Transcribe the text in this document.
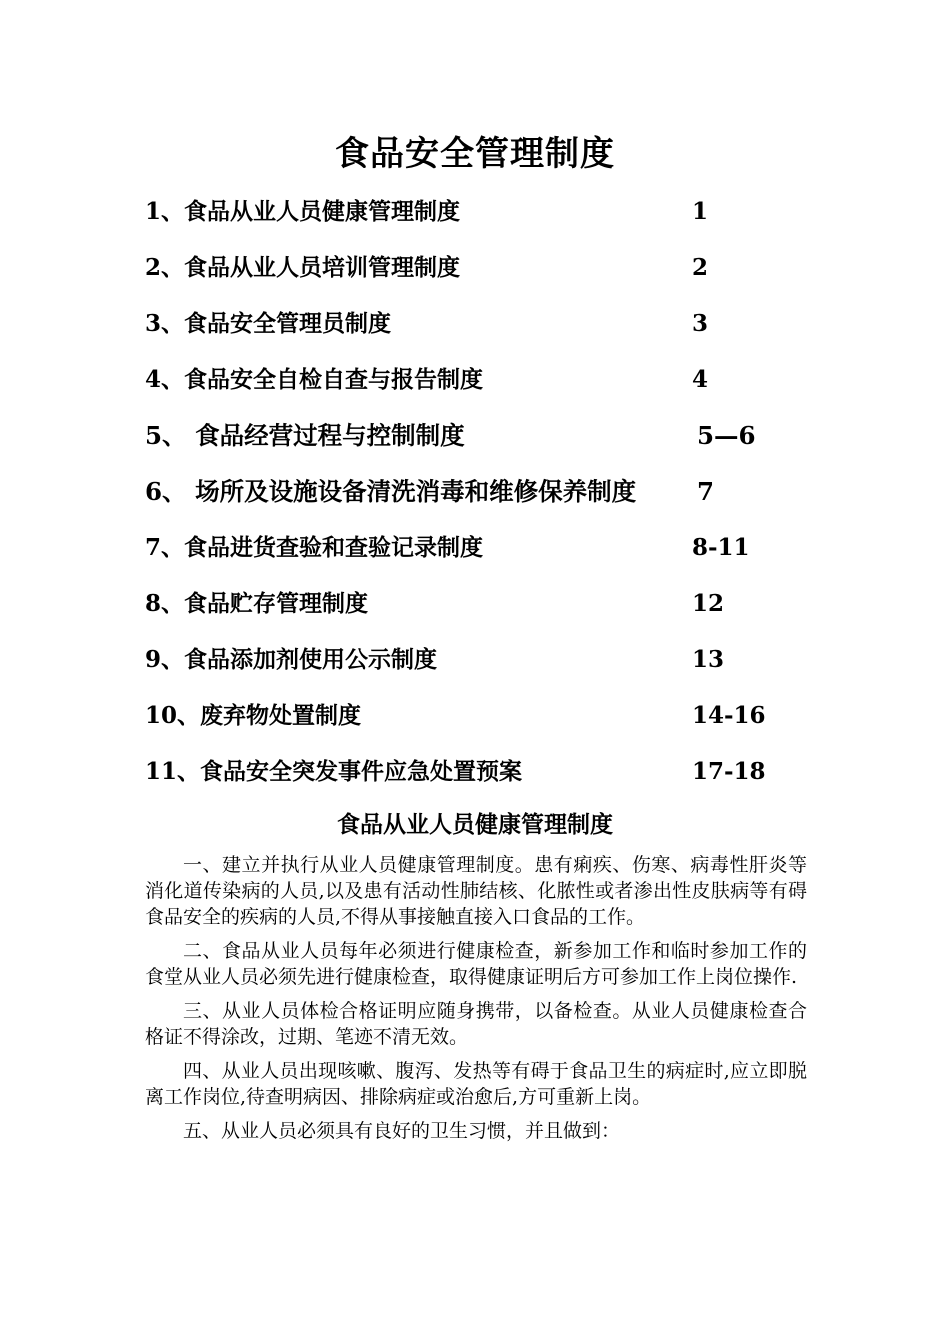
食品安全管理制度
1、食品从业人员健康管理制度	1
2、食品从业人员培训管理制度	2
3、食品安全管理员制度	3
4、食品安全自检自查与报告制度	4
5、 食品经营过程与控制制度	5—6
6、 场所及设施设备清洗消毒和维修保养制度 7
7、食品进货查验和查验记录制度	8-11
8、食品贮存管理制度	12
9、食品添加剂使用公示制度	13
10、废弃物处置制度	14-16
11、食品安全突发事件应急处置预案	17-18
食品从业人员健康管理制度

一、建立并执行从业人员健康管理制度。患有痢疾、伤寒、病毒性肝炎等消化道传染病的人员,以及患有活动性肺结核、化脓性或者渗出性皮肤病等有碍食品安全的疾病的人员,不得从事接触直接入口食品的工作。

二、食品从业人员每年必须进行健康检查，新参加工作和临时参加工作的食堂从业人员必须先进行健康检查，取得健康证明后方可参加工作上岗位操作.

三、从业人员体检合格证明应随身携带，以备检查。从业人员健康检查合格证不得涂改，过期、笔迹不清无效。

四、从业人员出现咳嗽、腹泻、发热等有碍于食品卫生的病症时,应立即脱离工作岗位,待查明病因、排除病症或治愈后,方可重新上岗。

五、从业人员必须具有良好的卫生习惯，并且做到：
